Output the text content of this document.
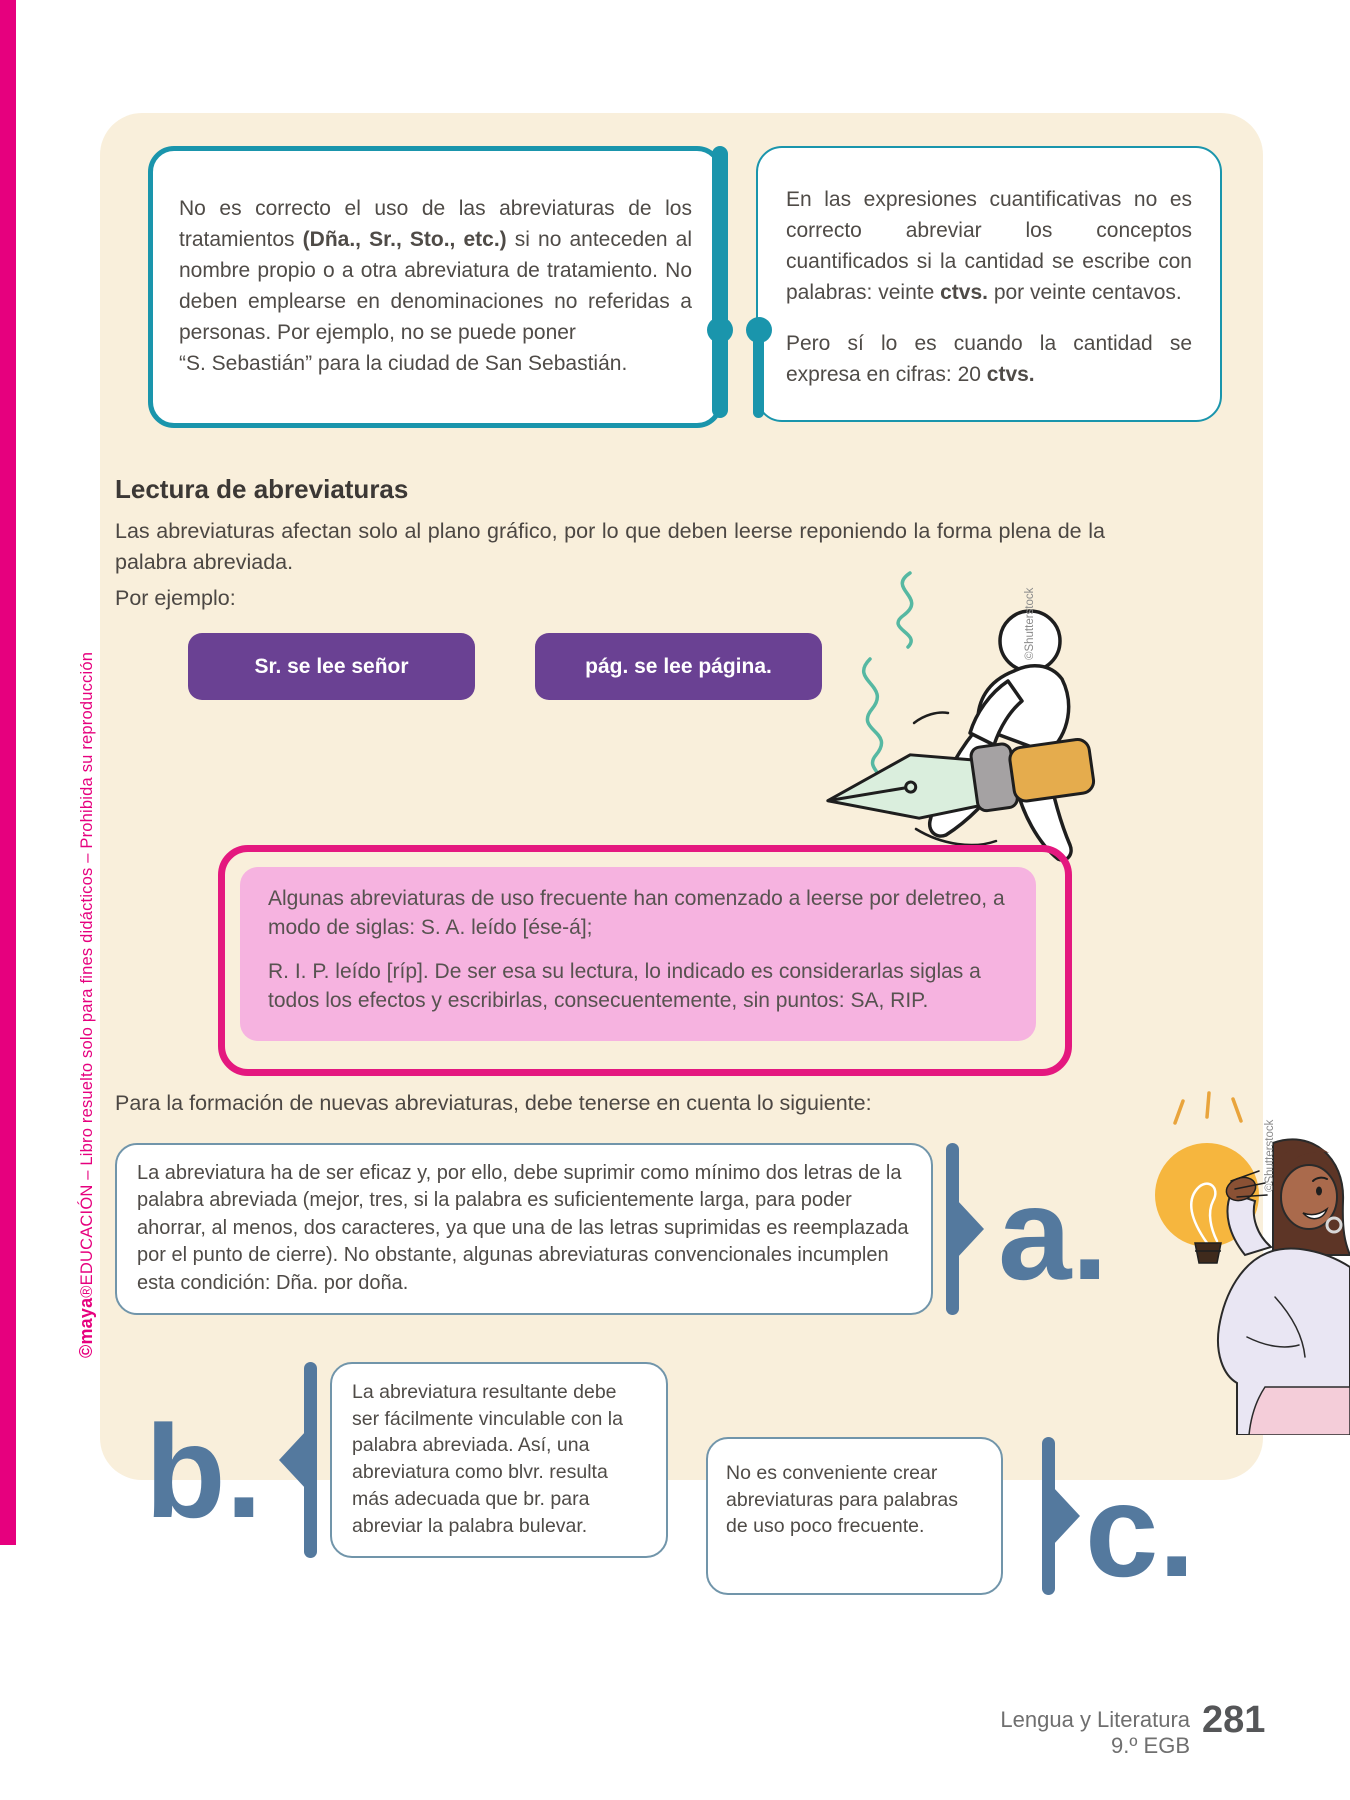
©maya®EDUCACIÓN – Libro resuelto solo para fines didácticos – Prohibida su reproducción

No es correcto el uso de las abreviaturas de los tratamientos (Dña., Sr., Sto., etc.) si no anteceden al nombre propio o a otra abreviatura de tratamiento. No deben emplearse en denominaciones no referidas a personas. Por ejemplo, no se puede poner

“S. Sebastián” para la ciudad de San Sebastián.

En las expresiones cuantificativas no es correcto abreviar los conceptos cuantificados si la cantidad se escribe con palabras: veinte ctvs. por veinte centavos.

Pero sí lo es cuando la cantidad se expresa en cifras: 20 ctvs.

Lectura de abreviaturas
Las abreviaturas afectan solo al plano gráfico, por lo que deben leerse reponiendo la forma plena de la palabra abreviada.
Por ejemplo:
Sr. se lee señor	pág. se lee página.
©Shutterstock

Algunas abreviaturas de uso frecuente han comenzado a leerse por deletreo, a modo de siglas: S. A. leído [ése-á];

R. I. P. leído [ríp]. De ser esa su lectura, lo indicado es considerarlas siglas a todos los efectos y escribirlas, consecuentemente, sin puntos: SA, RIP.

Para la formación de nuevas abreviaturas, debe tenerse en cuenta lo siguiente:
La abreviatura ha de ser eficaz y, por ello, debe suprimir como mínimo dos letras de la palabra abreviada (mejor, tres, si la palabra es suficientemente larga, para poder ahorrar, al menos, dos caracteres, ya que una de las letras suprimidas es reemplazada por el punto de cierre). No obstante, algunas abreviaturas convencionales incumplen esta condición: Dña. por doña.	a.
©Shutterstock
b.
La abreviatura resultante debe ser fácilmente vinculable con la palabra abreviada. Así, una abreviatura como blvr. resulta más adecuada que br. para abreviar la palabra bulevar.
No es conveniente crear abreviaturas para palabras de uso poco frecuente.	c.
Lengua y Literatura
9.º EGB
281
